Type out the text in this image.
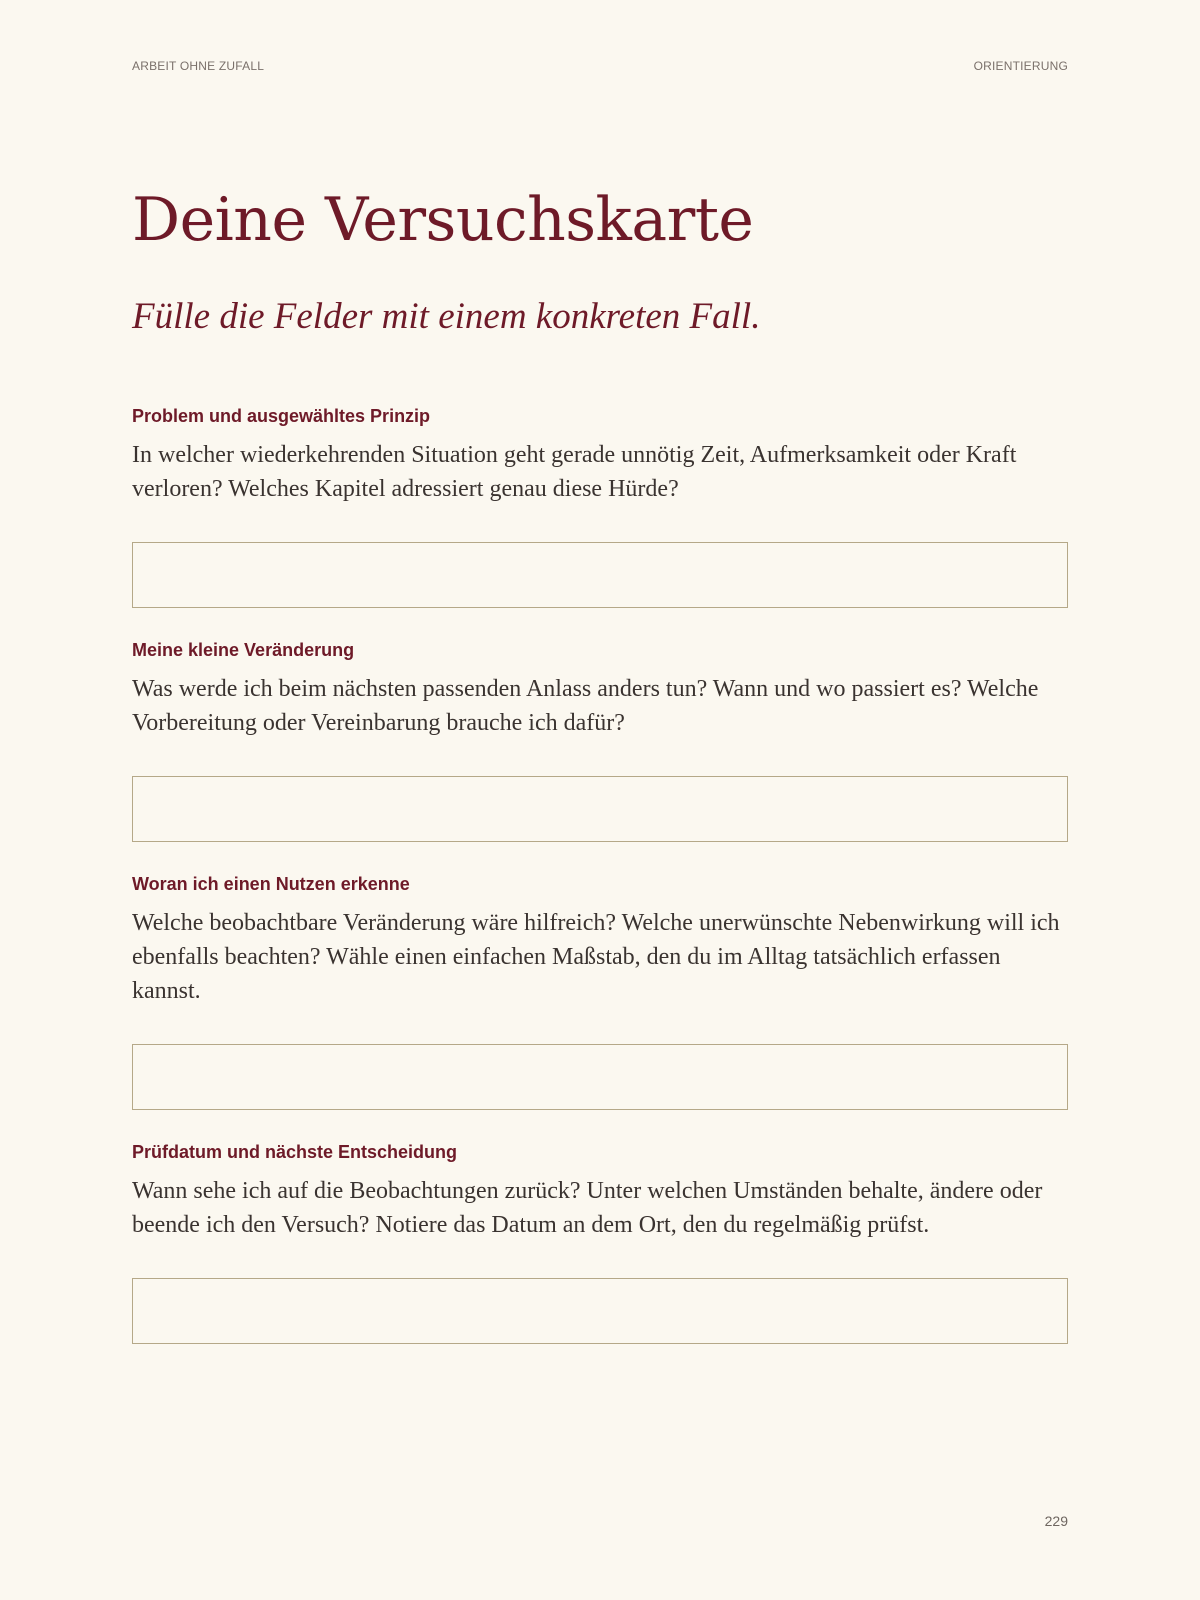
ARBEIT OHNE ZUFALL	ORIENTIERUNG
Deine Versuchskarte

Fülle die Felder mit einem konkreten Fall.

Problem und ausgewähltes Prinzip

In welcher wiederkehrenden Situation geht gerade unnötig Zeit, Aufmerksamkeit oder Kraft verloren? Welches Kapitel adressiert genau diese Hürde?

Meine kleine Veränderung

Was werde ich beim nächsten passenden Anlass anders tun? Wann und wo passiert es? Welche Vorbereitung oder Vereinbarung brauche ich dafür?

Woran ich einen Nutzen erkenne

Welche beobachtbare Veränderung wäre hilfreich? Welche unerwünschte Nebenwirkung will ich ebenfalls beachten? Wähle einen einfachen Maßstab, den du im Alltag tatsächlich erfassen kannst.

Prüfdatum und nächste Entscheidung

Wann sehe ich auf die Beobachtungen zurück? Unter welchen Umständen behalte, ändere oder beende ich den Versuch? Notiere das Datum an dem Ort, den du regelmäßig prüfst.

229
